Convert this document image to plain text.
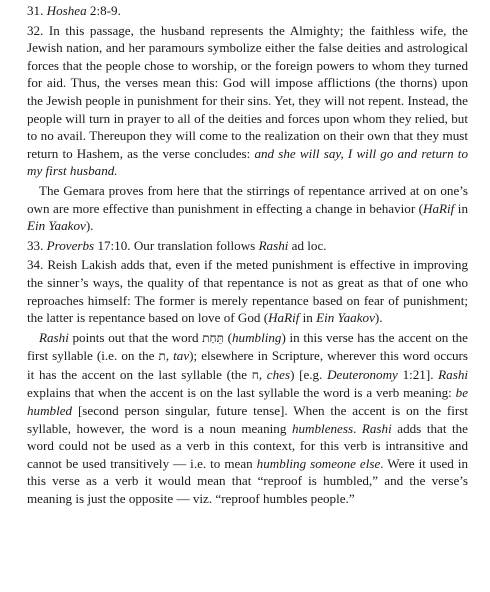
31. Hoshea 2:8-9.

32. In this passage, the husband represents the Almighty; the faithless wife, the Jewish nation, and her paramours symbolize either the false deities and astrological forces that the people chose to worship, or the foreign powers to whom they turned for aid. Thus, the verses mean this: God will impose afflictions (the thorns) upon the Jewish people in punishment for their sins. Yet, they will not repent. Instead, the people will turn in prayer to all of the deities and forces upon whom they relied, but to no avail. Thereupon they will come to the realization on their own that they must return to Hashem, as the verse concludes: and she will say, I will go and return to my first husband.

The Gemara proves from here that the stirrings of repentance arrived at on one’s own are more effective than punishment in effecting a change in behavior (HaRif in Ein Yaakov).

33. Proverbs 17:10. Our translation follows Rashi ad loc.

34. Reish Lakish adds that, even if the meted punishment is effective in improving the sinner’s ways, the quality of that repentance is not as great as that of one who reproaches himself: The former is merely repentance based on fear of punishment; the latter is repentance based on love of God (HaRif in Ein Yaakov).

Rashi points out that the word תֵּחַת (humbling) in this verse has the accent on the first syllable (i.e. on the ת, tav); elsewhere in Scripture, wherever this word occurs it has the accent on the last syllable (the ח, ches) [e.g. Deuteronomy 1:21]. Rashi explains that when the accent is on the last syllable the word is a verb meaning: be humbled [second person singular, future tense]. When the accent is on the first syllable, however, the word is a noun meaning humbleness. Rashi adds that the word could not be used as a verb in this context, for this verb is intransitive and cannot be used transitively — i.e. to mean humbling someone else. Were it used in this verse as a verb it would mean that “reproof is humbled,” and the verse’s meaning is just the opposite — viz. “reproof humbles people.”
